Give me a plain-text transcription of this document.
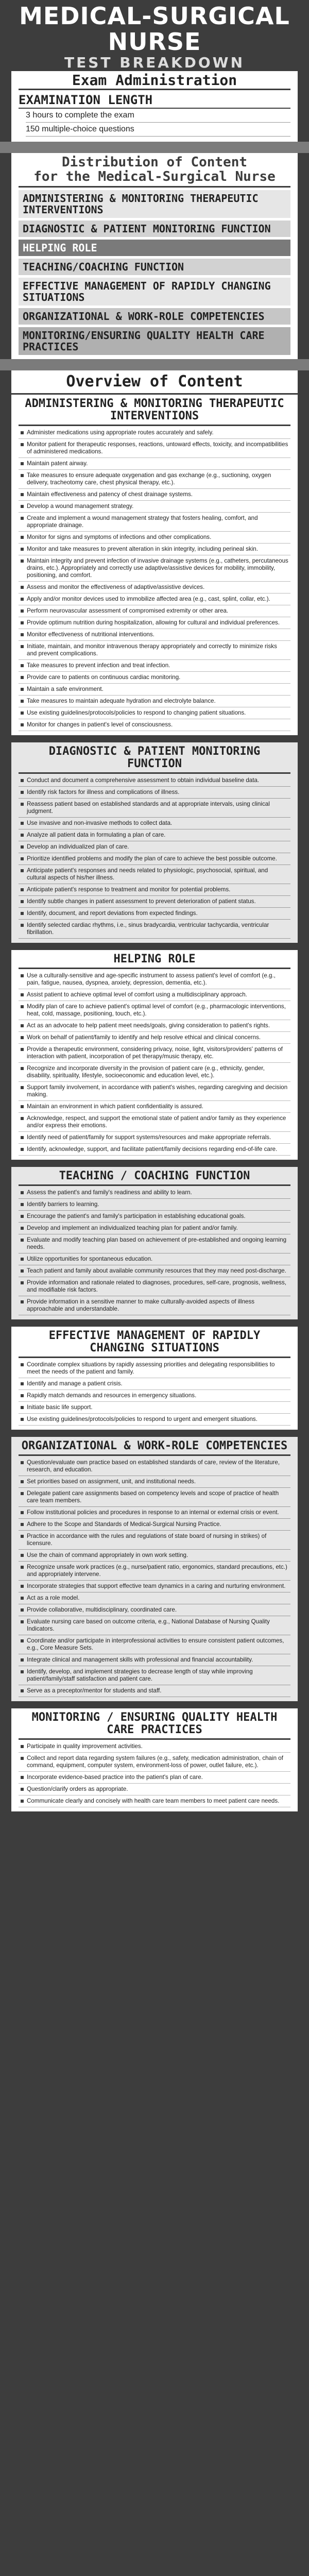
MEDICAL-SURGICAL
NURSE
TEST BREAKDOWN
Exam Administration
EXAMINATION LENGTH
3 hours to complete the exam
150 multiple-choice questions
Distribution of Content
for the Medical-Surgical Nurse
ADMINISTERING & MONITORING THERAPEUTIC INTERVENTIONS
DIAGNOSTIC & PATIENT MONITORING FUNCTION
HELPING ROLE
TEACHING/COACHING FUNCTION
EFFECTIVE MANAGEMENT OF RAPIDLY CHANGING SITUATIONS
ORGANIZATIONAL & WORK-ROLE COMPETENCIES
MONITORING/ENSURING QUALITY HEALTH CARE PRACTICES
Overview of Content
ADMINISTERING & MONITORING THERAPEUTIC INTERVENTIONS
Administer medications using appropriate routes accurately and safely.
Monitor patient for therapeutic responses, reactions, untoward effects, toxicity, and incompatibilities of administered medications.
Maintain patent airway.
Take measures to ensure adequate oxygenation and gas exchange (e.g., suctioning, oxygen delivery, tracheotomy care, chest physical therapy, etc.).
Maintain effectiveness and patency of chest drainage systems.
Develop a wound management strategy.
Create and implement a wound management strategy that fosters healing, comfort, and appropriate drainage.
Monitor for signs and symptoms of infections and other complications.
Monitor and take measures to prevent alteration in skin integrity, including perineal skin.
Maintain integrity and prevent infection of invasive drainage systems (e.g., catheters, percutaneous drains, etc.). Appropriately and correctly use adaptive/assistive devices for mobility, immobility, positioning, and comfort.
Assess and monitor the effectiveness of adaptive/assistive devices.
Apply and/or monitor devices used to immobilize affected area (e.g., cast, splint, collar, etc.).
Perform neurovascular assessment of compromised extremity or other area.
Provide optimum nutrition during hospitalization, allowing for cultural and individual preferences.
Monitor effectiveness of nutritional interventions.
Initiate, maintain, and monitor intravenous therapy appropriately and correctly to minimize risks and prevent complications.
Take measures to prevent infection and treat infection.
Provide care to patients on continuous cardiac monitoring.
Maintain a safe environment.
Take measures to maintain adequate hydration and electrolyte balance.
Use existing guidelines/protocols/policies to respond to changing patient situations.
Monitor for changes in patient's level of consciousness.
DIAGNOSTIC & PATIENT MONITORING FUNCTION
Conduct and document a comprehensive assessment to obtain individual baseline data.
Identify risk factors for illness and complications of illness.
Reassess patient based on established standards and at appropriate intervals, using clinical judgment.
Use invasive and non-invasive methods to collect data.
Analyze all patient data in formulating a plan of care.
Develop an individualized plan of care.
Prioritize identified problems and modify the plan of care to achieve the best possible outcome.
Anticipate patient's responses and needs related to physiologic, psychosocial, spiritual, and cultural aspects of his/her illness.
Anticipate patient's response to treatment and monitor for potential problems.
Identify subtle changes in patient assessment to prevent deterioration of patient status.
Identify, document, and report deviations from expected findings.
Identify selected cardiac rhythms, i.e., sinus bradycardia, ventricular tachycardia, ventricular fibrillation.
HELPING ROLE
Use a culturally-sensitive and age-specific instrument to assess patient's level of comfort (e.g., pain, fatigue, nausea, dyspnea, anxiety, depression, dementia, etc.).
Assist patient to achieve optimal level of comfort using a multidisciplinary approach.
Modify plan of care to achieve patient's optimal level of comfort (e.g., pharmacologic interventions, heat, cold, massage, positioning, touch, etc.).
Act as an advocate to help patient meet needs/goals, giving consideration to patient's rights.
Work on behalf of patient/family to identify and help resolve ethical and clinical concerns.
Provide a therapeutic environment, considering privacy, noise, light, visitors/providers' patterns of interaction with patient, incorporation of pet therapy/music therapy, etc.
Recognize and incorporate diversity in the provision of patient care (e.g., ethnicity, gender, disability, spirituality, lifestyle, socioeconomic and education level, etc.).
Support family involvement, in accordance with patient's wishes, regarding caregiving and decision making.
Maintain an environment in which patient confidentiality is assured.
Acknowledge, respect, and support the emotional state of patient and/or family as they experience and/or express their emotions.
Identify need of patient/family for support systems/resources and make appropriate referrals.
Identify, acknowledge, support, and facilitate patient/family decisions regarding end-of-life care.
TEACHING / COACHING FUNCTION
Assess the patient's and family's readiness and ability to learn.
Identify barriers to learning.
Encourage the patient's and family's participation in establishing educational goals.
Develop and implement an individualized teaching plan for patient and/or family.
Evaluate and modify teaching plan based on achievement of pre-established and ongoing learning needs.
Utilize opportunities for spontaneous education.
Teach patient and family about available community resources that they may need post-discharge.
Provide information and rationale related to diagnoses, procedures, self-care, prognosis, wellness, and modifiable risk factors.
Provide information in a sensitive manner to make culturally-avoided aspects of illness approachable and understandable.
EFFECTIVE MANAGEMENT OF RAPIDLY CHANGING SITUATIONS
Coordinate complex situations by rapidly assessing priorities and delegating responsibilities to meet the needs of the patient and family.
Identify and manage a patient crisis.
Rapidly match demands and resources in emergency situations.
Initiate basic life support.
Use existing guidelines/protocols/policies to respond to urgent and emergent situations.
ORGANIZATIONAL & WORK-ROLE COMPETENCIES
Question/evaluate own practice based on established standards of care, review of the literature, research, and education.
Set priorities based on assignment, unit, and institutional needs.
Delegate patient care assignments based on competency levels and scope of practice of health care team members.
Follow institutional policies and procedures in response to an internal or external crisis or event.
Adhere to the Scope and Standards of Medical-Surgical Nursing Practice.
Practice in accordance with the rules and regulations of state board of nursing in strikes) of licensure.
Use the chain of command appropriately in own work setting.
Recognize unsafe work practices (e.g., nurse/patient ratio, ergonomics, standard precautions, etc.) and appropriately intervene.
Incorporate strategies that support effective team dynamics in a caring and nurturing environment.
Act as a role model.
Provide collaborative, multidisciplinary, coordinated care.
Evaluate nursing care based on outcome criteria, e.g., National Database of Nursing Quality Indicators.
Coordinate and/or participate in interprofessional activities to ensure consistent patient outcomes, e.g., Core Measure Sets.
Integrate clinical and management skills with professional and financial accountability.
Identify, develop, and implement strategies to decrease length of stay while improving patient/family/staff satisfaction and patient care.
Serve as a preceptor/mentor for students and staff.
MONITORING / ENSURING QUALITY HEALTH CARE PRACTICES
Participate in quality improvement activities.
Collect and report data regarding system failures (e.g., safety, medication administration, chain of command, equipment, computer system, environment-loss of power, outlet failure, etc.).
Incorporate evidence-based practice into the patient's plan of care.
Question/clarify orders as appropriate.
Communicate clearly and concisely with health care team members to meet patient care needs.
